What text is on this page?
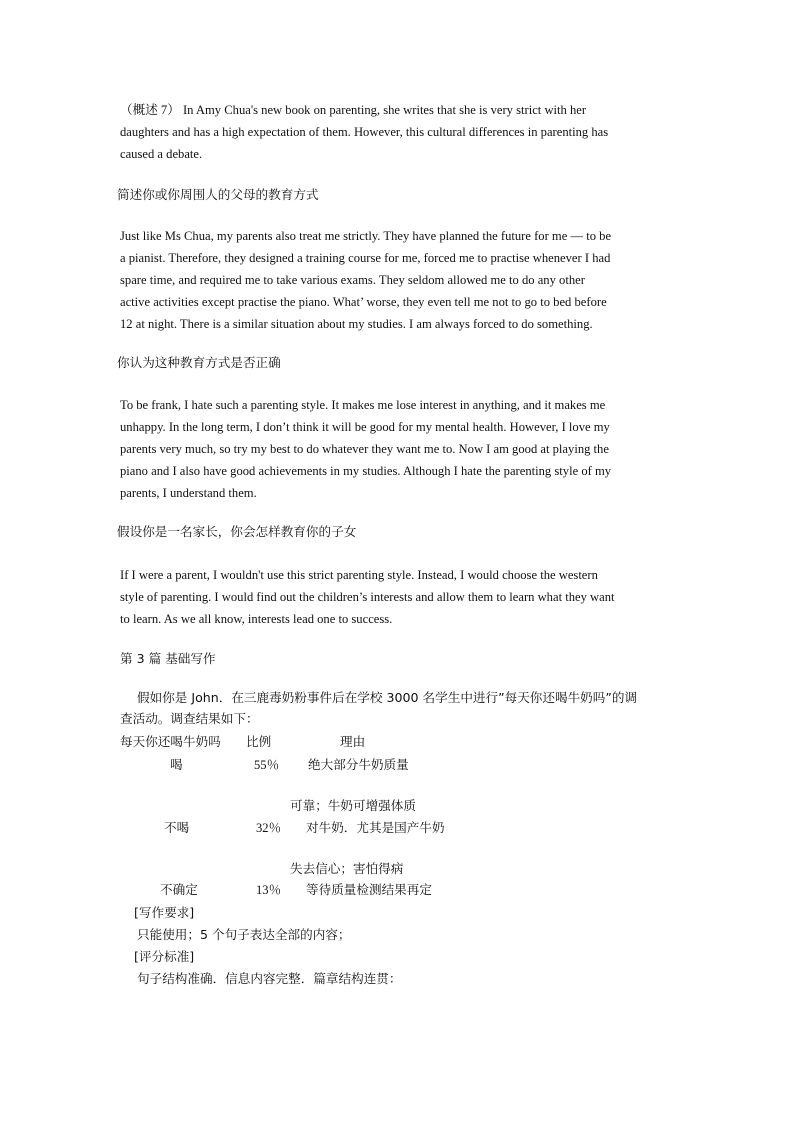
（概述 7） In Amy Chua's new book on parenting, she writes that she is very strict with her
daughters and has a high expectation of them. However, this cultural differences in parenting has
caused a debate.
简述你或你周围人的父母的教育方式
Just like Ms Chua, my parents also treat me strictly. They have planned the future for me — to be
a pianist. Therefore, they designed a training course for me, forced me to practise whenever I had
spare time, and required me to take various exams. They seldom allowed me to do any other
active activities except practise the piano. What’ worse, they even tell me not to go to bed before
12 at night. There is a similar situation about my studies. I am always forced to do something.
你认为这种教育方式是否正确
To be frank, I hate such a parenting style. It makes me lose interest in anything, and it makes me
unhappy. In the long term, I don’t think it will be good for my mental health. However, I love my
parents very much, so try my best to do whatever they want me to. Now I am good at playing the
piano and I also have good achievements in my studies. Although I hate the parenting style of my
parents, I understand them.
假设你是一名家长，你会怎样教育你的子女
If I were a parent, I wouldn't use this strict parenting style. Instead, I would choose the western
style of parenting. I would find out the children’s interests and allow them to learn what they want
to learn. As we all know, interests lead one to success.
第 3 篇 基础写作
假如你是 John．在三鹿毒奶粉事件后在学校 3000 名学生中进行”每天你还喝牛奶吗”的调
查活动。调查结果如下：
每天你还喝牛奶吗 比例	理由
喝	55％ 绝大部分牛奶质量
可靠；牛奶可增强体质
不喝	32％ 对牛奶．尤其是国产牛奶
失去信心；害怕得病
不确定	13％ 等待质量检测结果再定
[写作要求]
只能使用；5 个句子表达全部的内容；
[评分标准]
句子结构准确．信息内容完整．篇章结构连贯：
